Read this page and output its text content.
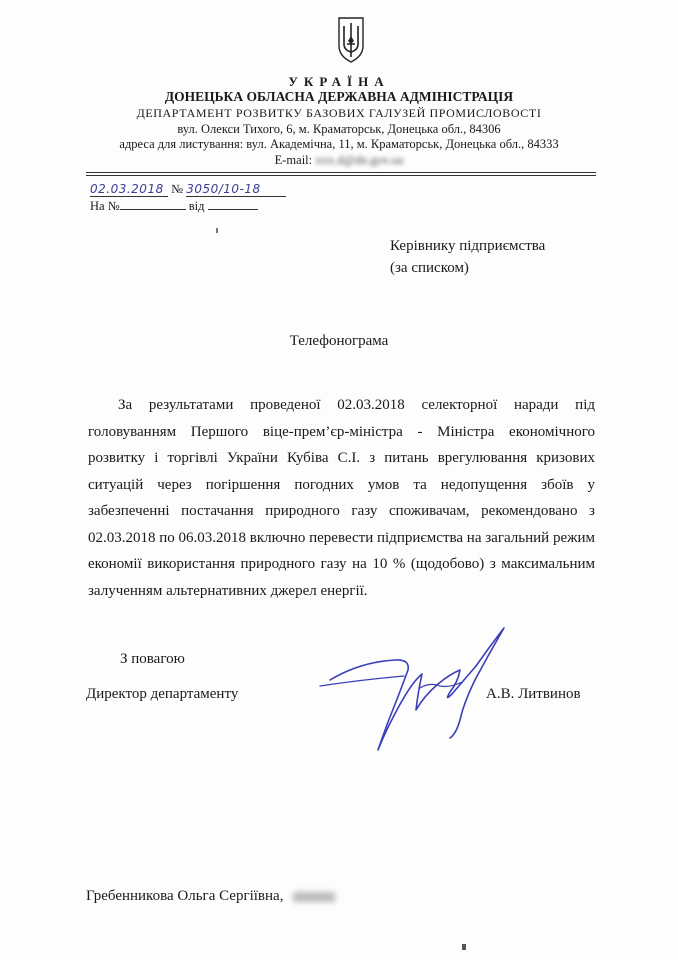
УКРАЇНА
ДОНЕЦЬКА ОБЛАСНА ДЕРЖАВНА АДМІНІСТРАЦІЯ
ДЕПАРТАМЕНТ РОЗВИТКУ БАЗОВИХ ГАЛУЗЕЙ ПРОМИСЛОВОСТІ
вул. Олекси Тихого, 6, м. Краматорськ, Донецька обл., 84306
адреса для листування: вул. Академічна, 11, м. Краматорськ, Донецька обл., 84333
E-mail: xxx.d@dn.gov.ua
02.03.2018 № 3050/10-18
На №	від
Керівнику підприємства
(за списком)
Телефонограма
За результатами проведеної 02.03.2018 селекторної наради під головуванням Першого віце-прем’єр-міністра - Міністра економічного розвитку і торгівлі України Кубіва С.І. з питань врегулювання кризових ситуацій через погіршення погодних умов та недопущення збоїв у забезпеченні постачання природного газу споживачам, рекомендовано з 02.03.2018 по 06.03.2018 включно перевести підприємства на загальний режим економії використання природного газу на 10 % (щодобово) з максимальним залученням альтернативних джерел енергії.
З повагою
Директор департаменту	А.В. Литвинов
Гребенникова Ольга Сергіївна,
